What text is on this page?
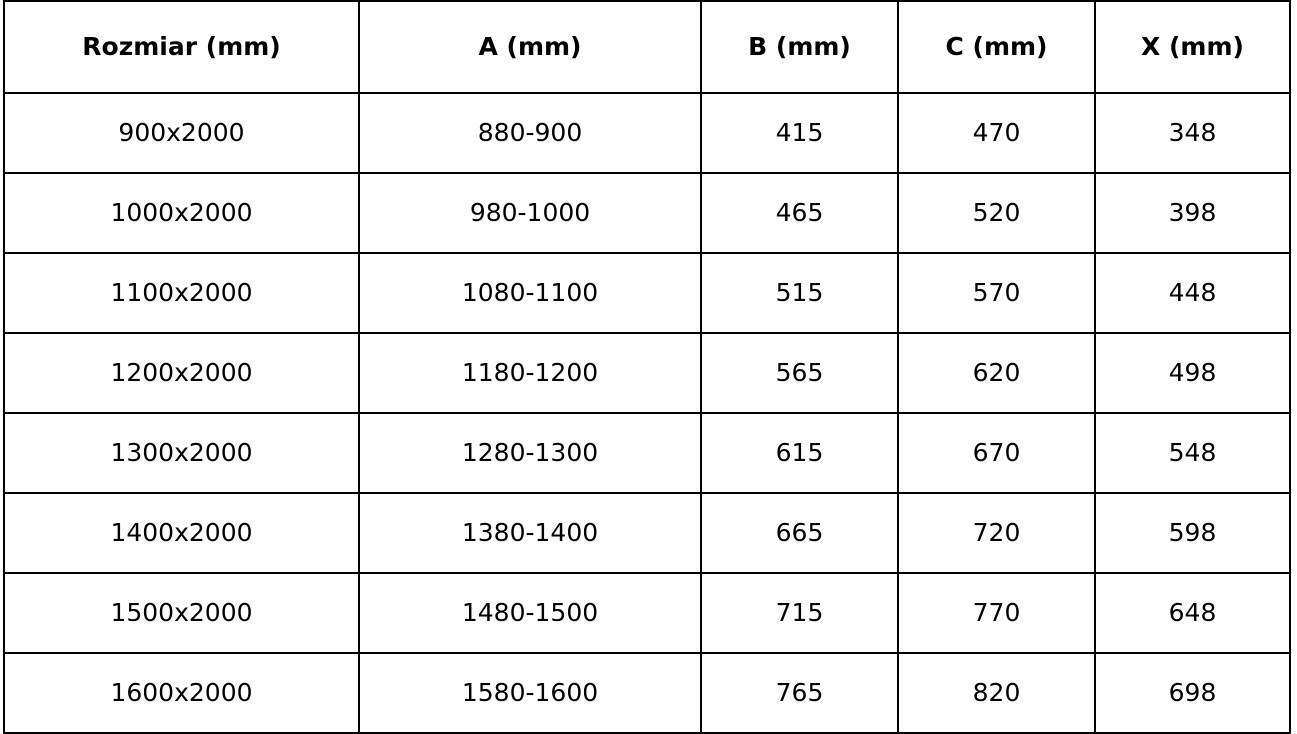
Rozmiar (mm)	A (mm)	B (mm)	C (mm)	X (mm)
900x2000	880-900	415	470	348
1000x2000	980-1000	465	520	398
1100x2000	1080-1100	515	570	448
1200x2000	1180-1200	565	620	498
1300x2000	1280-1300	615	670	548
1400x2000	1380-1400	665	720	598
1500x2000	1480-1500	715	770	648
1600x2000	1580-1600	765	820	698
